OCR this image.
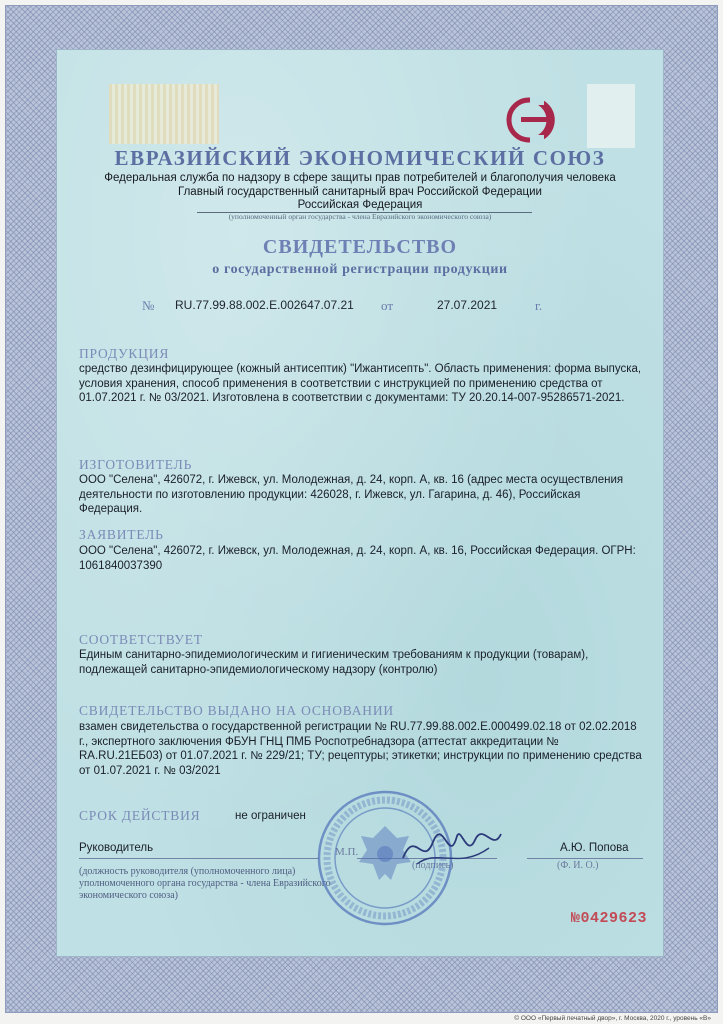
ЕВРАЗИЙСКИЙ ЭКОНОМИЧЕСКИЙ СОЮЗ
Федеральная служба по надзору в сфере защиты прав потребителей и благополучия человека
Главный государственный санитарный врач Российской Федерации
Российская Федерация
(уполномоченный орган государства - члена Евразийского экономического союза)
СВИДЕТЕЛЬСТВО
о государственной регистрации продукции
№ RU.77.99.88.002.Е.002647.07.21 от	27.07.2021	г.
ПРОДУКЦИЯ
средство дезинфицирующее (кожный антисептик) "Ижантисепть". Область применения: форма выпуска, условия хранения, способ применения в соответствии с инструкцией по применению средства от 01.07.2021 г. № 03/2021. Изготовлена в соответствии с документами: ТУ 20.20.14-007-95286571-2021.
ИЗГОТОВИТЕЛЬ
ООО "Селена", 426072, г. Ижевск, ул. Молодежная, д. 24, корп. А, кв. 16 (адрес места осуществления деятельности по изготовлению продукции: 426028, г. Ижевск, ул. Гагарина, д. 46), Российская Федерация.
ЗАЯВИТЕЛЬ
ООО "Селена", 426072, г. Ижевск, ул. Молодежная, д. 24, корп. А, кв. 16, Российская Федерация. ОГРН: 1061840037390
СООТВЕТСТВУЕТ
Единым санитарно-эпидемиологическим и гигиеническим требованиям к продукции (товарам), подлежащей санитарно-эпидемиологическому надзору (контролю)
СВИДЕТЕЛЬСТВО ВЫДАНО НА ОСНОВАНИИ
взамен свидетельства о государственной регистрации № RU.77.99.88.002.Е.000499.02.18 от 02.02.2018 г., экспертного заключения ФБУН ГНЦ ПМБ Роспотребнадзора (аттестат аккредитации № RA.RU.21ЕБ03) от 01.07.2021 г. № 229/21; ТУ; рецептуры; этикетки; инструкции по применению средства от 01.07.2021 г. № 03/2021
СРОК ДЕЙСТВИЯ	не ограничен
Руководитель	М.П.
(подпись)
А.Ю. Попова
(Ф. И. О.)
(должность руководителя (уполномоченного лица) уполномоченного органа государства - члена Евразийского экономического союза)
№0429623
© ООО «Первый печатный двор», г. Москва, 2020 г., уровень «В»
